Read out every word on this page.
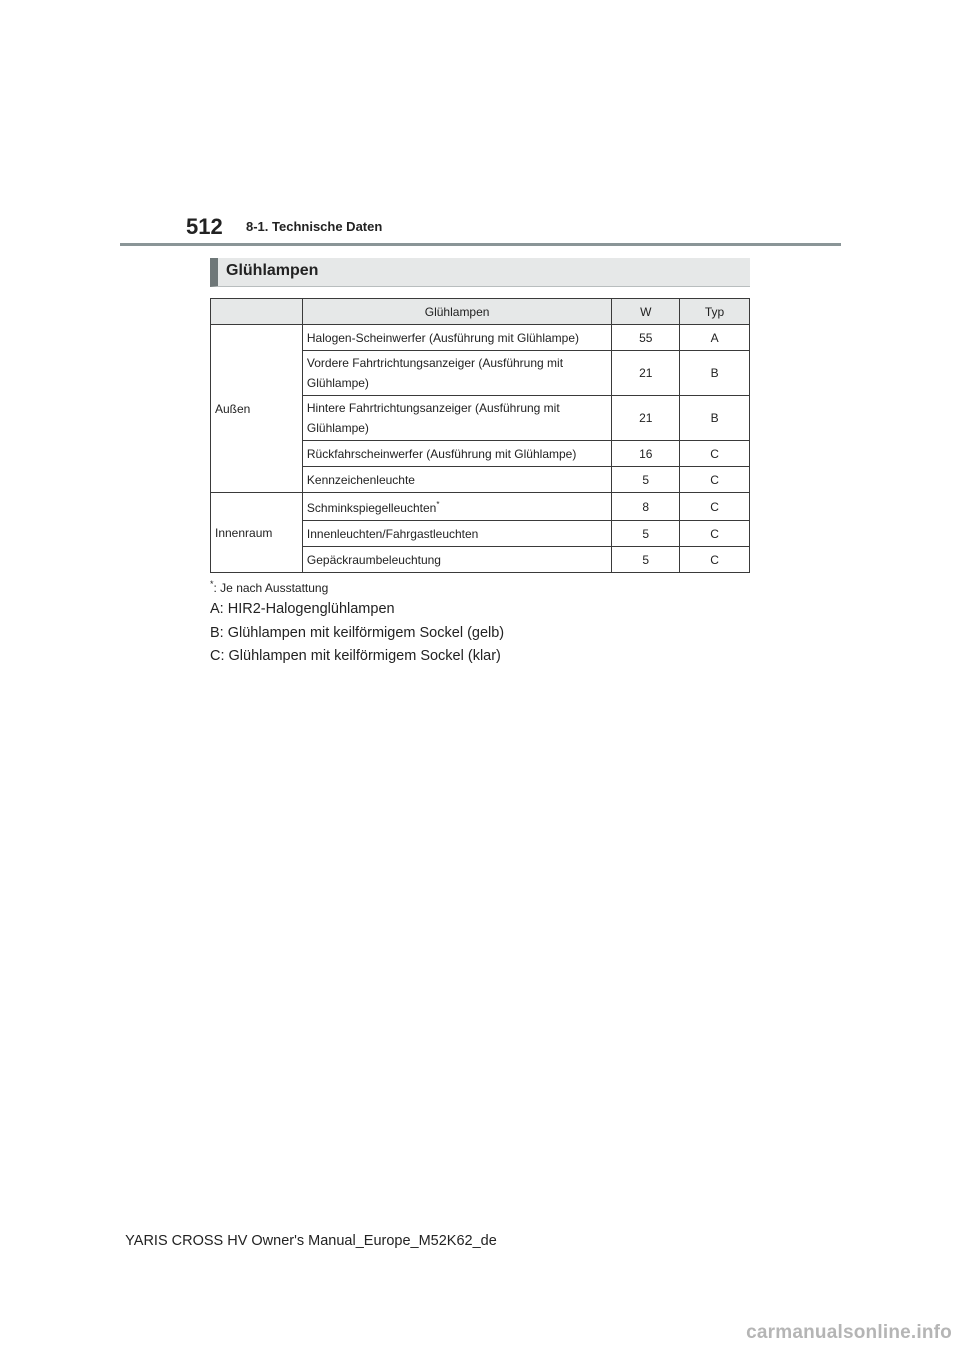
512 8-1. Technische Daten
Glühlampen
	Glühlampen	W	Typ
Außen	Halogen-Scheinwerfer (Ausführung mit Glühlampe)	55	A
	Vordere Fahrtrichtungsanzeiger (Ausführung mit Glühlampe)	21	B
	Hintere Fahrtrichtungsanzeiger (Ausführung mit Glühlampe)	21	B
	Rückfahrscheinwerfer (Ausführung mit Glühlampe)	16	C
	Kennzeichenleuchte	5	C
Innenraum	Schminkspiegelleuchten*	8	C
	Innenleuchten/Fahrgastleuchten	5	C
	Gepäckraumbeleuchtung	5	C
*: Je nach Ausstattung
A: HIR2-Halogenglühlampen
B: Glühlampen mit keilförmigem Sockel (gelb)
C: Glühlampen mit keilförmigem Sockel (klar)
YARIS CROSS HV Owner's Manual_Europe_M52K62_de
carmanualsonline.info
